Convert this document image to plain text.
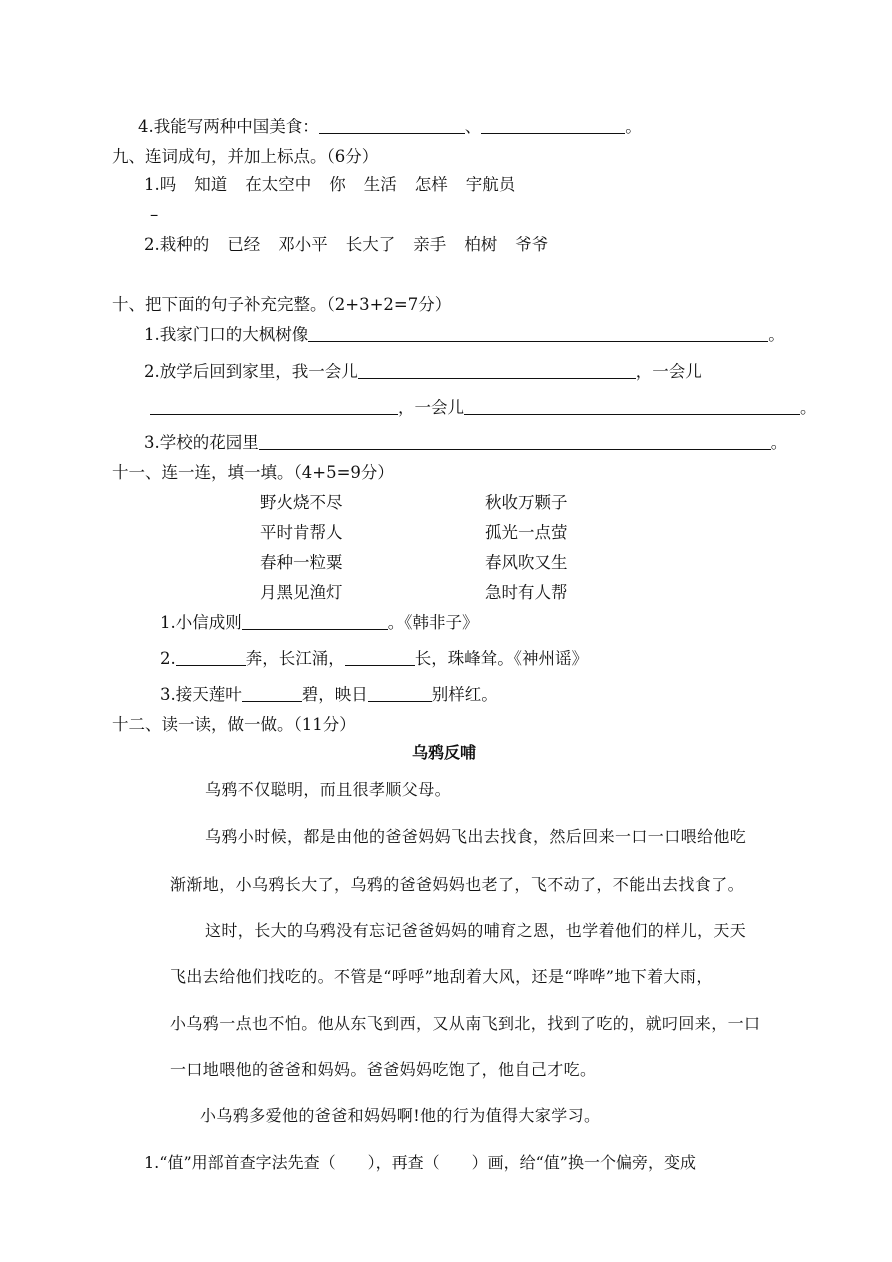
4.我能写两种中国美食：	、	。
九、连词成句，并加上标点。（6分）
1.吗 知道 在太空中 你 生活 怎样 宇航员
–
2.栽种的 已经 邓小平 长大了 亲手 柏树 爷爷
十、把下面的句子补充完整。（2+3+2=7分）
1.我家门口的大枫树像	。
2.放学后回到家里，我一会儿	，一会儿
，一会儿	。
3.学校的花园里	。
十一、连一连，填一填。（4+5=9分）
野火烧不尽	秋收万颗子
平时肯帮人	孤光一点萤
春种一粒粟	春风吹又生
月黑见渔灯	急时有人帮
1.小信成则	。《韩非子》
2.	奔，长江涌，	长，珠峰耸。《神州谣》
3.接天莲叶	碧，映日	别样红。
十二、读一读，做一做。（11分）
乌鸦反哺
乌鸦不仅聪明，而且很孝顺父母。
乌鸦小时候，都是由他的爸爸妈妈飞出去找食，然后回来一口一口喂给他吃
渐渐地，小乌鸦长大了，乌鸦的爸爸妈妈也老了，飞不动了，不能出去找食了。
这时，长大的乌鸦没有忘记爸爸妈妈的哺育之恩，也学着他们的样儿，天天
飞出去给他们找吃的。不管是“呼呼”地刮着大风，还是“哗哗”地下着大雨，
小乌鸦一点也不怕。他从东飞到西，又从南飞到北，找到了吃的，就叼回来，一口
一口地喂他的爸爸和妈妈。爸爸妈妈吃饱了，他自己才吃。
小乌鸦多爱他的爸爸和妈妈啊!他的行为值得大家学习。
1.“值”用部首查字法先查（　　），再查（　　）画，给“值”换一个偏旁，变成
